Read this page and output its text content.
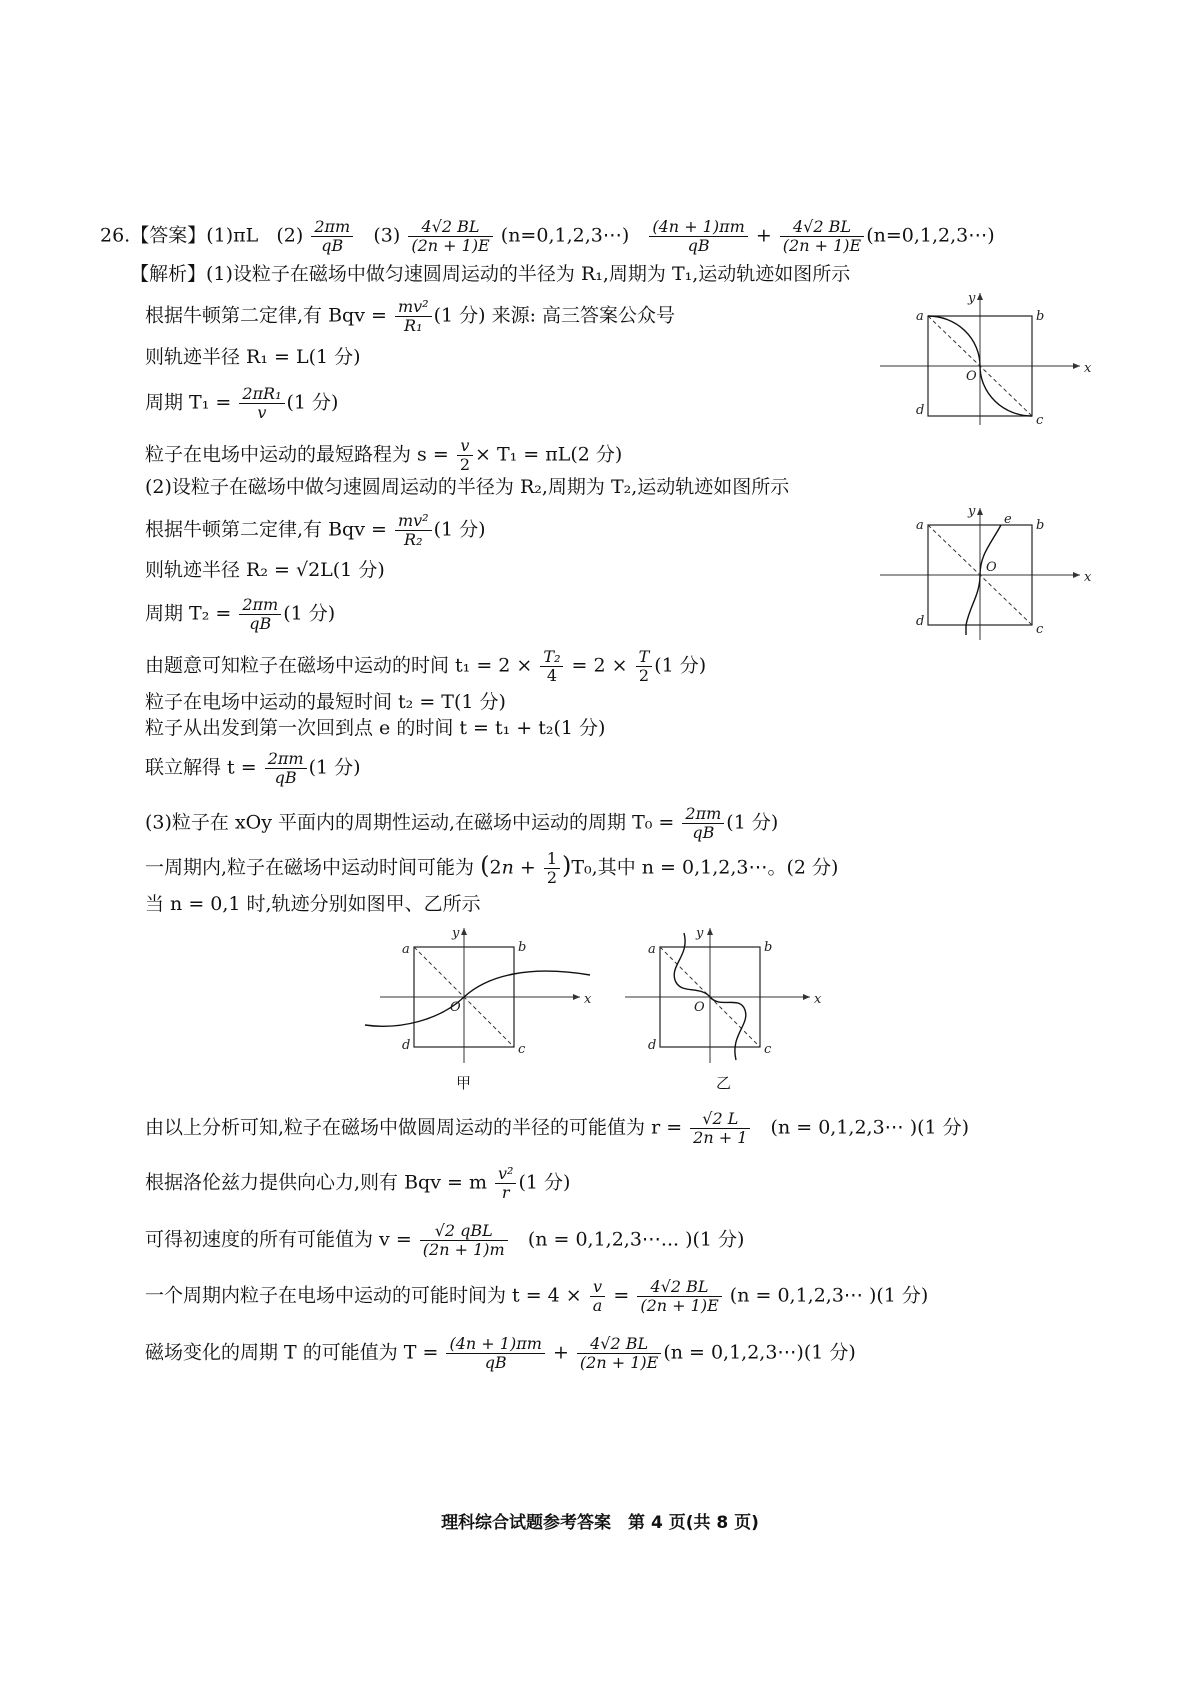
26.【答案】(1)πL $(2) \frac{2\pi m}{qB} (3) \frac{4√2 BL}{(2n + 1)E}$ (n=0,1,2,3⋯) $\frac{(4n + 1)\pi m}{qB} + \frac{4√2 BL}{(2n + 1)E}$ (n=0,1,2,3⋯)
【解析】(1)设粒子在磁场中做匀速圆周运动的半径为 R₁,周期为 T₁,运动轨迹如图所示
根据牛顿第二定律,有 Bqv = $\frac{\text{mv²}}{\text{R₁}} (1$ 分) 来源: 高三答案公众号
则轨迹半径 R₁ = L(1 分)
周期 $T_1 = \frac{\text{2πR₁}}{v} (1$ 分)
粒子在电场中运动的最短路程为 $s = \frac{v}{2} \times T_1 = \pi L(2$ 分)
(2)设粒子在磁场中做匀速圆周运动的半径为 R₂,周期为 T₂,运动轨迹如图所示
根据牛顿第二定律,有 Bqv = $\frac{\text{mv²}}{\text{R₂}} (1$ 分)
则轨迹半径 R₂ = √2L(1 分)
周期 $T_2 = \frac{2\pi m}{qB} (1$ 分)
由题意可知粒子在磁场中运动的时间 $t_1 = 2 \times \frac{\text{T₂}}{4} = 2 \times \frac{T}{2} (1$ 分)
粒子在电场中运动的最短时间 t₂ = T(1 分)
粒子从出发到第一次回到点 e 的时间 t = t₁ + t₂(1 分)
联立解得 $t = \frac{2\pi m}{qB} (1$ 分)
(3)粒子在 xOy 平面内的周期性运动,在磁场中运动的周期 $T_0 = \frac{2\pi m}{qB} (1$ 分)
一周期内,粒子在磁场中运动时间可能为 $(2n + \frac{1}{2} )T_0$,其中 n = 0,1,2,3⋯。(2 分)
当 n = 0,1 时,轨迹分别如图甲、乙所示
由以上分析可知,粒子在磁场中做圆周运动的半径的可能值为 $r = \frac{√2 L}{2n + 1} (n$ = 0,1,2,3⋯ )(1 分)
根据洛伦兹力提供向心力,则有 Bqv = m $\frac{\text{v²}}{r} (1$ 分)
可得初速度的所有可能值为 $v = \frac{\text{√2 qBL}}{(2n + 1)m} (n$ = 0,1,2,3⋯... )(1 分)
一个周期内粒子在电场中运动的可能时间为 $t = 4 \times \frac{v}{a} = \frac{4√2 BL}{(2n + 1)E} (n$ = 0,1,2,3⋯ )(1 分)
磁场变化的周期 T 的可能值为 $T = \frac{(4n + 1)\pi m}{qB} + \frac{4√2 BL}{(2n + 1)E} (n$ = 0,1,2,3⋯)(1 分)
a	b
c
d
O
x
y
a	e b
c
d
O
x
y
a	b
c
d
O
x
y
甲
a	b
c
d
O
x
y
乙
理科综合试题参考答案　第 4 页(共 8 页)
